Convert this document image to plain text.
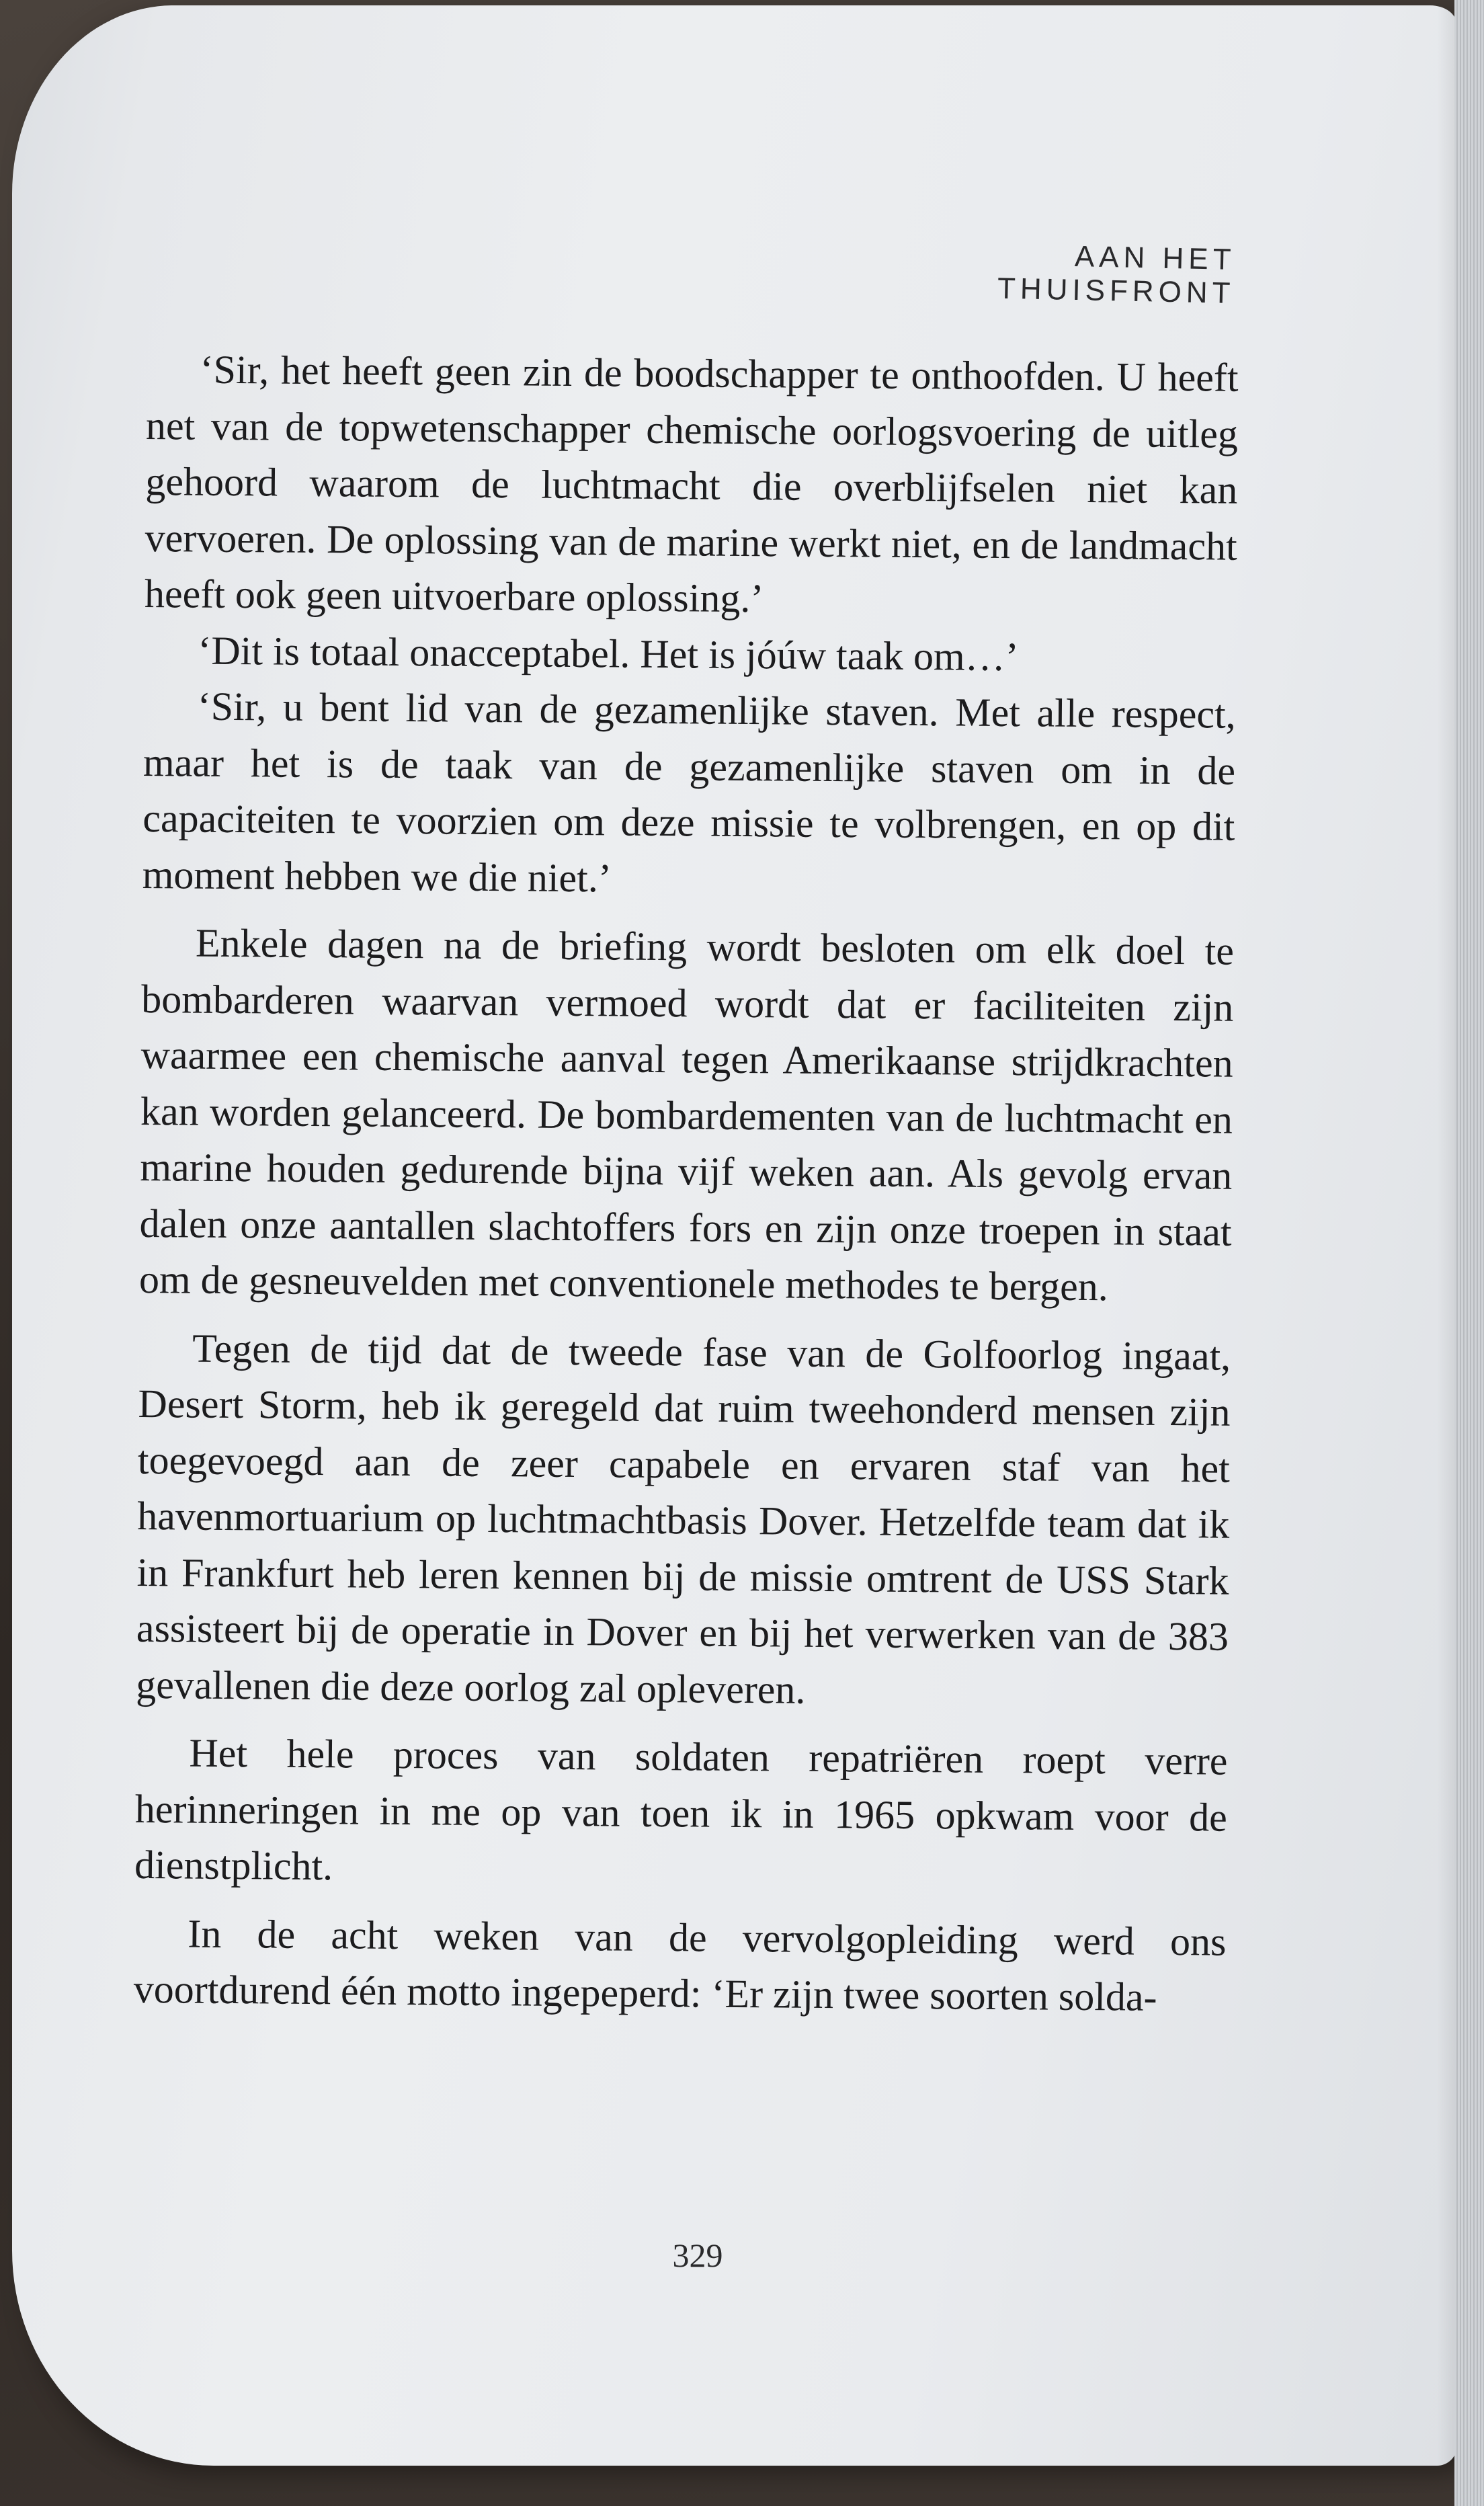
AAN HET THUISFRONT

‘Sir, het heeft geen zin de boodschapper te onthoofden. U heeft net van de topwetenschapper chemische oorlogsvoering de uitleg gehoord waarom de luchtmacht die overblijfselen niet kan vervoeren. De oplossing van de marine werkt niet, en de landmacht heeft ook geen uitvoerbare oplossing.’

‘Dit is totaal onacceptabel. Het is jóúw taak om…’

‘Sir, u bent lid van de gezamenlijke staven. Met alle respect, maar het is de taak van de gezamenlijke staven om in de capaciteiten te voorzien om deze missie te volbrengen, en op dit moment hebben we die niet.’

Enkele dagen na de briefing wordt besloten om elk doel te bombarderen waarvan vermoed wordt dat er faciliteiten zijn waarmee een chemische aanval tegen Amerikaanse strijdkrachten kan worden gelanceerd. De bombardementen van de luchtmacht en marine houden gedurende bijna vijf weken aan. Als gevolg ervan dalen onze aantallen slachtoffers fors en zijn onze troepen in staat om de gesneuvelden met conventionele methodes te bergen.

Tegen de tijd dat de tweede fase van de Golfoorlog ingaat, Desert Storm, heb ik geregeld dat ruim tweehonderd mensen zijn toegevoegd aan de zeer capabele en ervaren staf van het havenmortuarium op luchtmachtbasis Dover. Hetzelfde team dat ik in Frankfurt heb leren kennen bij de missie omtrent de USS Stark assisteert bij de operatie in Dover en bij het verwerken van de 383 gevallenen die deze oorlog zal opleveren.

Het hele proces van soldaten repatriëren roept verre herinneringen in me op van toen ik in 1965 opkwam voor de dienstplicht.

In de acht weken van de vervolgopleiding werd ons voortdurend één motto ingepeperd: ‘Er zijn twee soorten solda-

329
